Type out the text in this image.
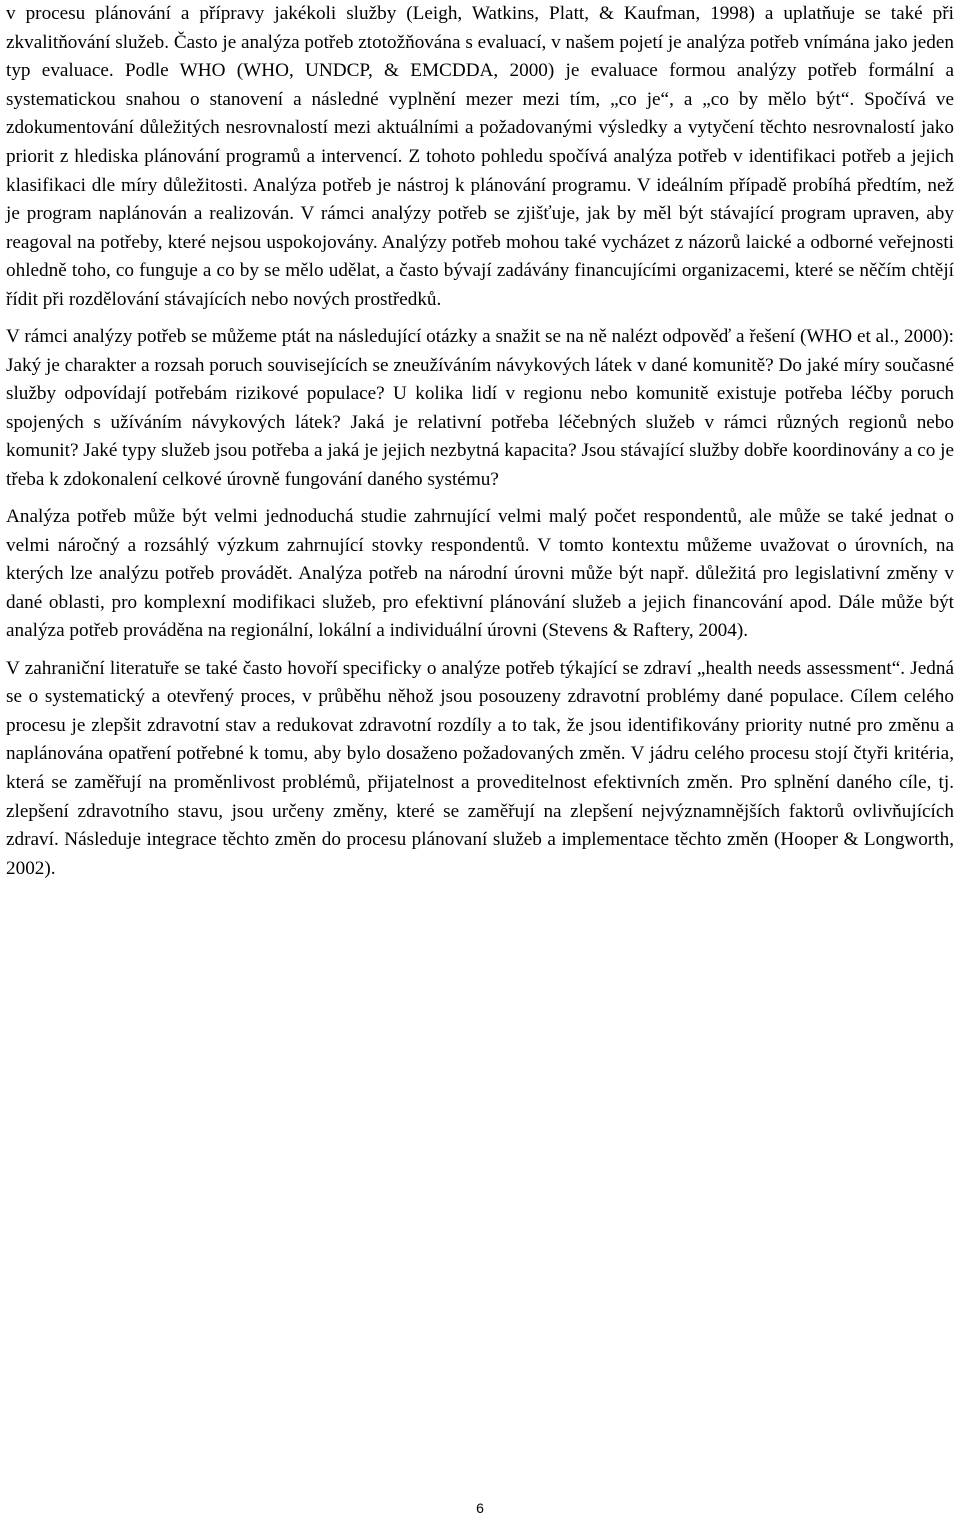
v procesu plánování a přípravy jakékoli služby (Leigh, Watkins, Platt, & Kaufman, 1998) a uplatňuje se také při zkvalitňování služeb. Často je analýza potřeb ztotožňována s evaluací, v našem pojetí je analýza potřeb vnímána jako jeden typ evaluace. Podle WHO (WHO, UNDCP, & EMCDDA, 2000) je evaluace formou analýzy potřeb formální a systematickou snahou o stanovení a následné vyplnění mezer mezi tím, „co je“, a „co by mělo být“. Spočívá ve zdokumentování důležitých nesrovnalostí mezi aktuálními a požadovanými výsledky a vytyčení těchto nesrovnalostí jako priorit z hlediska plánování programů a intervencí. Z tohoto pohledu spočívá analýza potřeb v identifikaci potřeb a jejich klasifikaci dle míry důležitosti. Analýza potřeb je nástroj k plánování programu. V ideálním případě probíhá předtím, než je program naplánován a realizován. V rámci analýzy potřeb se zjišťuje, jak by měl být stávající program upraven, aby reagoval na potřeby, které nejsou uspokojovány. Analýzy potřeb mohou také vycházet z názorů laické a odborné veřejnosti ohledně toho, co funguje a co by se mělo udělat, a často bývají zadávány financujícími organizacemi, které se něčím chtějí řídit při rozdělování stávajících nebo nových prostředků.

V rámci analýzy potřeb se můžeme ptát na následující otázky a snažit se na ně nalézt odpověď a řešení (WHO et al., 2000): Jaký je charakter a rozsah poruch souvisejících se zneužíváním návykových látek v dané komunitě? Do jaké míry současné služby odpovídají potřebám rizikové populace? U kolika lidí v regionu nebo komunitě existuje potřeba léčby poruch spojených s užíváním návykových látek? Jaká je relativní potřeba léčebných služeb v rámci různých regionů nebo komunit? Jaké typy služeb jsou potřeba a jaká je jejich nezbytná kapacita? Jsou stávající služby dobře koordinovány a co je třeba k zdokonalení celkové úrovně fungování daného systému?

Analýza potřeb může být velmi jednoduchá studie zahrnující velmi malý počet respondentů, ale může se také jednat o velmi náročný a rozsáhlý výzkum zahrnující stovky respondentů. V tomto kontextu můžeme uvažovat o úrovních, na kterých lze analýzu potřeb provádět. Analýza potřeb na národní úrovni může být např. důležitá pro legislativní změny v dané oblasti, pro komplexní modifikaci služeb, pro efektivní plánování služeb a jejich financování apod. Dále může být analýza potřeb prováděna na regionální, lokální a individuální úrovni (Stevens & Raftery, 2004).

V zahraniční literatuře se také často hovoří specificky o analýze potřeb týkající se zdraví „health needs assessment“. Jedná se o systematický a otevřený proces, v průběhu něhož jsou posouzeny zdravotní problémy dané populace. Cílem celého procesu je zlepšit zdravotní stav a redukovat zdravotní rozdíly a to tak, že jsou identifikovány priority nutné pro změnu a naplánována opatření potřebné k tomu, aby bylo dosaženo požadovaných změn. V jádru celého procesu stojí čtyři kritéria, která se zaměřují na proměnlivost problémů, přijatelnost a proveditelnost efektivních změn. Pro splnění daného cíle, tj. zlepšení zdravotního stavu, jsou určeny změny, které se zaměřují na zlepšení nejvýznamnějších faktorů ovlivňujících zdraví. Následuje integrace těchto změn do procesu plánovaní služeb a implementace těchto změn (Hooper & Longworth, 2002).

6
